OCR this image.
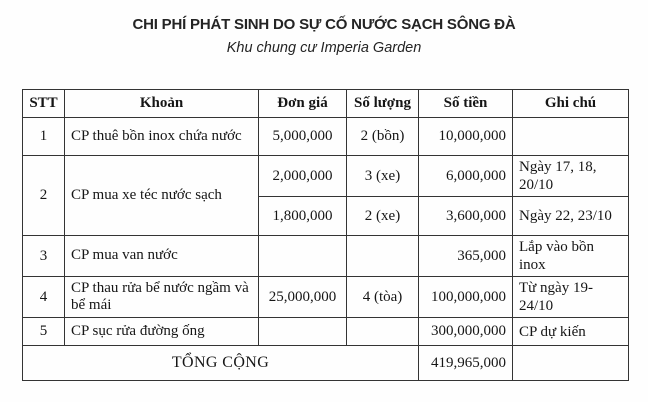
CHI PHÍ PHÁT SINH DO SỰ CỐ NƯỚC SẠCH SÔNG ĐÀ
Khu chung cư Imperia Garden
STT	Khoản	Đơn giá	Số lượng	Số tiền	Ghi chú
1	CP thuê bồn inox chứa nước	5,000,000	2 (bồn)	10,000,000	
2	CP mua xe téc nước sạch	2,000,000	3 (xe)	6,000,000	Ngày 17, 18, 20/10
		1,800,000	2 (xe)	3,600,000	Ngày 22, 23/10
3	CP mua van nước			365,000	Lắp vào bồn inox
4	CP thau rửa bể nước ngầm và bể mái	25,000,000	4 (tòa)	100,000,000	Từ ngày 19-24/10
5	CP sục rửa đường ống			300,000,000	CP dự kiến
TỔNG CỘNG				419,965,000	
